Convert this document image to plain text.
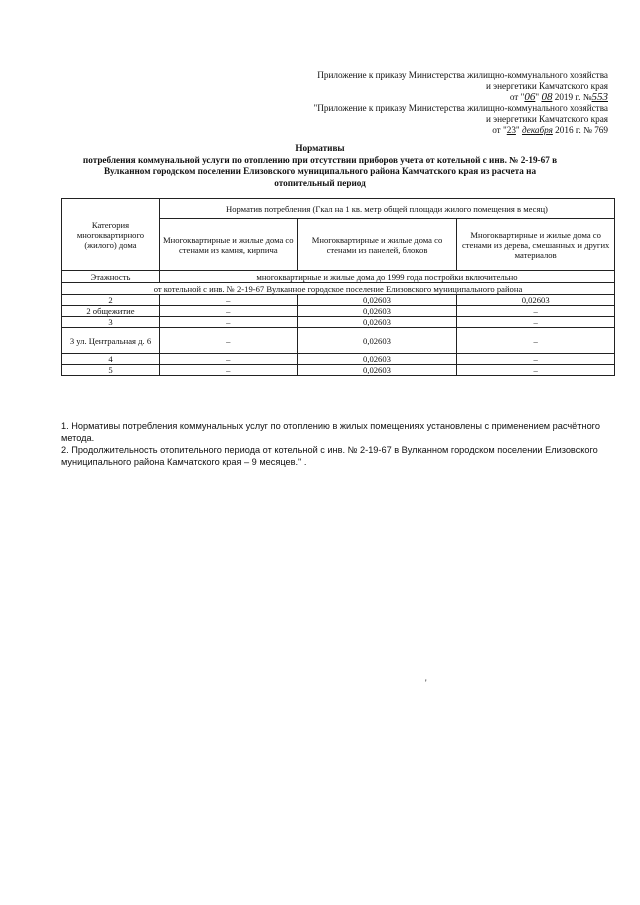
Приложение к приказу Министерства жилищно-коммунального хозяйства
и энергетики Камчатского края
от "06" 08 2019 г. №553
"Приложение к приказу Министерства жилищно-коммунального хозяйства
и энергетики Камчатского края
от "23" декабря 2016 г. № 769
Нормативы
потребления коммунальной услуги по отоплению при отсутствии приборов учета от котельной с инв. № 2-19-67 в
Вулканном городском поселении Елизовского муниципального района Камчатского края из расчета на
отопительный период
Категория многоквартирного (жилого) дома	Норматив потребления (Гкал на 1 кв. метр общей площади жилого помещения в месяц)		
	Многоквартирные и жилые дома со стенами из камня, кирпича	Многоквартирные и жилые дома со стенами из панелей, блоков	Многоквартирные и жилые дома со стенами из дерева, смешанных и других материалов
Этажность	многоквартирные и жилые дома до 1999 года постройки включительно		
от котельной с инв. № 2-19-67 Вулканное городское поселение Елизовского муниципального района			
2	–	0,02603	0,02603
2 общежитие	–	0,02603	–
3	–	0,02603	–
3 ул. Центральная д. 6	–	0,02603	–
4	–	0,02603	–
5	–	0,02603	–

1. Нормативы потребления коммунальных услуг по отоплению в жилых помещениях установлены с применением расчётного метода.

2. Продолжительность отопительного периода от котельной с инв. № 2-19-67 в Вулканном городском поселении Елизовского муниципального района Камчатского края – 9 месяцев." .

'
